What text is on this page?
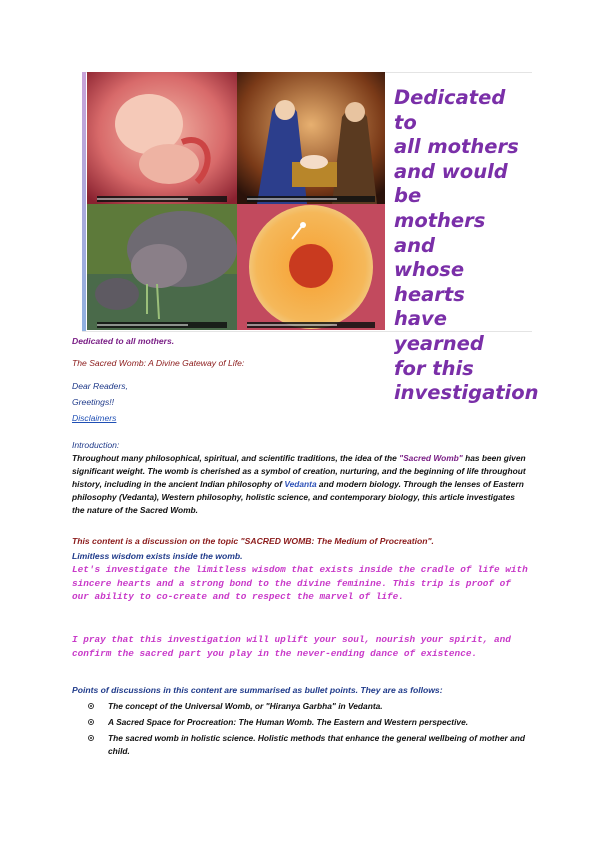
Dedicated to
all mothers
and would be
mothers and
whose hearts
have yearned
for this
investigation
Dedicated to all mothers.
The Sacred Womb: A Divine Gateway of Life:
Dear Readers,
Greetings!!
Disclaimers
Introduction:
Throughout many philosophical, spiritual, and scientific traditions, the idea of the "Sacred Womb" has been given significant weight. The womb is cherished as a symbol of creation, nurturing, and the beginning of life throughout history, including in the ancient Indian philosophy of Vedanta and modern biology. Through the lenses of Eastern philosophy (Vedanta), Western philosophy, holistic science, and contemporary biology, this article investigates the nature of the Sacred Womb.
This content is a discussion on the topic "SACRED WOMB: The Medium of Procreation".
Limitless wisdom exists inside the womb.
Let's investigate the limitless wisdom that exists inside the cradle of life with sincere hearts and a strong bond to the divine feminine. This trip is proof of our ability to co-create and to respect the marvel of life.
I pray that this investigation will uplift your soul, nourish your spirit, and confirm the sacred part you play in the never-ending dance of existence.
Points of discussions in this content are summarised as bullet points. They are as follows:
The concept of the Universal Womb, or "Hiranya Garbha" in Vedanta.
A Sacred Space for Procreation: The Human Womb. The Eastern and Western perspective.
The sacred womb in holistic science. Holistic methods that enhance the general wellbeing of mother and child.
